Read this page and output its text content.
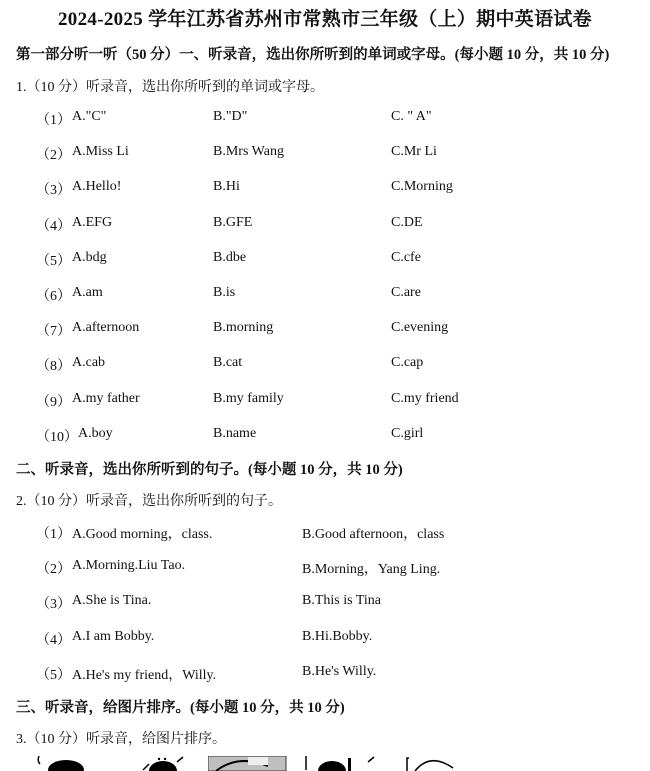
2024-2025 学年江苏省苏州市常熟市三年级（上）期中英语试卷
第一部分听一听（50 分）一、听录音，选出你所听到的单词或字母。(每小题 10 分，共 10 分)
1.（10 分）听录音，选出你所听到的单词或字母。
（1） A."C"	B."D"	C. " A"
（2） A.Miss Li	B.Mrs Wang	C.Mr Li
（3） A.Hello!	B.Hi	C.Morning
（4） A.EFG	B.GFE	C.DE
（5） A.bdg	B.dbe	C.cfe
（6） A.am	B.is	C.are
（7） A.afternoon	B.morning	C.evening
（8） A.cab	B.cat	C.cap
（9） A.my father	B.my family	C.my friend
（10） A.boy	B.name	C.girl
二、听录音，选出你所听到的句子。(每小题 10 分，共 10 分)
2.（10 分）听录音，选出你所听到的句子。
（1） A.Good morning，class.	B.Good afternoon，class
（2） A.Morning.Liu Tao.	B.Morning，Yang Ling.
（3） A.She is Tina.	B.This is Tina
（4） A.I am Bobby.	B.Hi.Bobby.
（5） A.He's my friend，Willy.	B.He's Willy.
三、听录音，给图片排序。(每小题 10 分，共 10 分)
3.（10 分）听录音，给图片排序。
